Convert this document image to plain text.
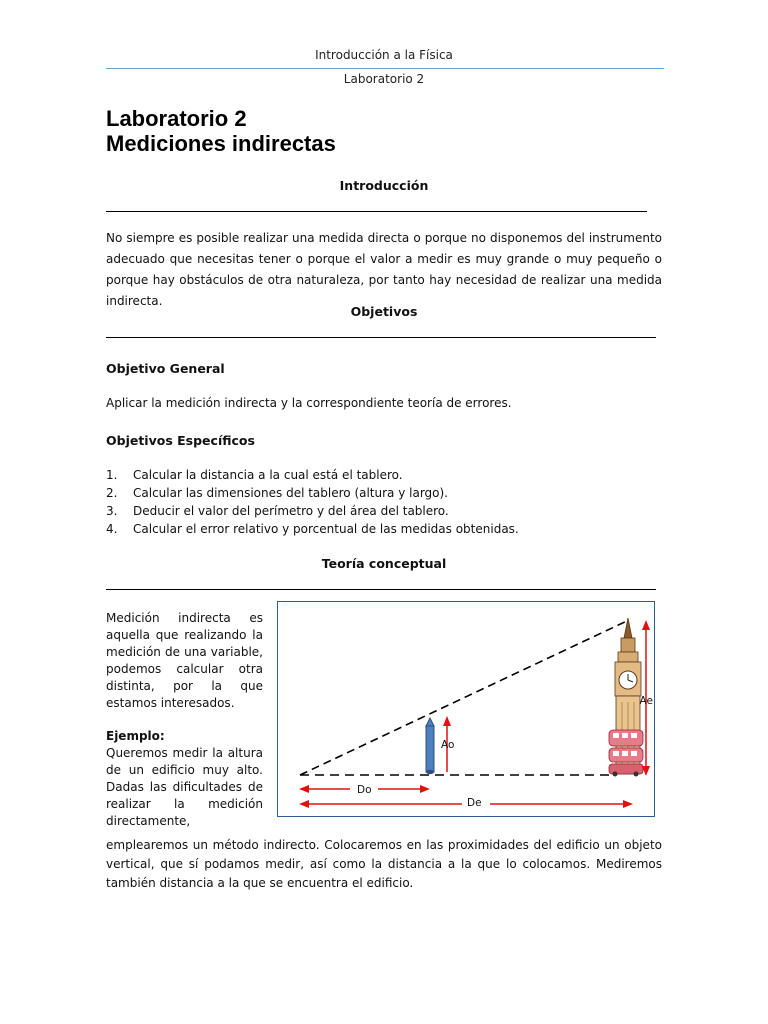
Introducción a la Física
Laboratorio 2
Laboratorio 2
Mediciones indirectas
Introducción
No siempre es posible realizar una medida directa o porque no disponemos del instrumento adecuado que necesitas tener o porque el valor a medir es muy grande o muy pequeño o porque hay obstáculos de otra naturaleza, por tanto hay necesidad de realizar una medida indirecta.
Objetivos
Objetivo General
Aplicar la medición indirecta y la correspondiente teoría de errores.
Objetivos Específicos
1. Calcular la distancia a la cual está el tablero.
2. Calcular las dimensiones del tablero (altura y largo).
3. Deducir el valor del perímetro y del área del tablero.
4. Calcular el error relativo y porcentual de las medidas obtenidas.
Teoría conceptual

Medición indirecta es aquella que realizando la medición de una variable, podemos calcular otra distinta, por la que estamos interesados.

Ejemplo:

Queremos medir la altura de un edificio muy alto. Dadas las dificultades de realizar la medición directamente,

Ao
Ae
Do
De
emplearemos un método indirecto. Colocaremos en las proximidades del edificio un objeto vertical, que sí podamos medir, así como la distancia a la que lo colocamos. Mediremos también distancia a la que se encuentra el edificio.
